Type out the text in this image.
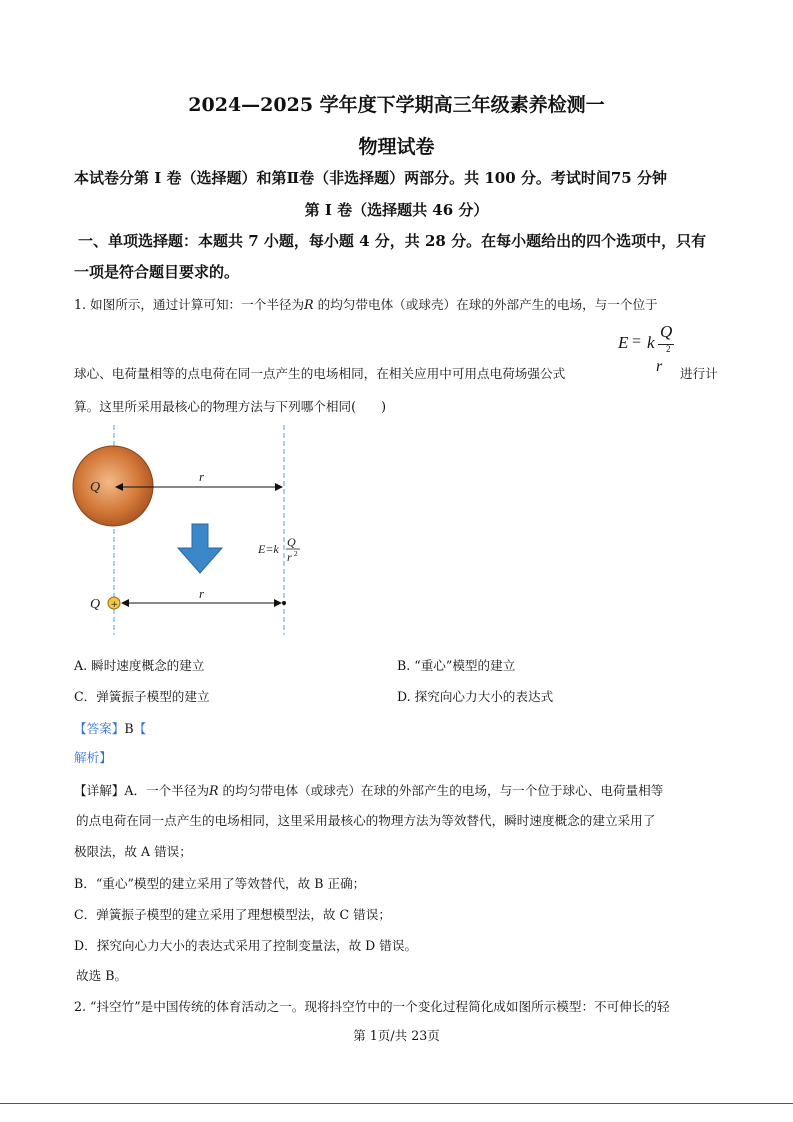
2024—2025 学年度下学期高三年级素养检测一
物理试卷
本试卷分第 I 卷（选择题）和第Ⅱ卷（非选择题）两部分。共 100 分。考试时间75 分钟
第 I 卷（选择题共 46 分）
一、单项选择题：本题共 7 小题，每小题 4 分，共 28 分。在每小题给出的四个选项中，只有
一项是符合题目要求的。
1. 如图所示，通过计算可知：一个半径为𝑅 的均匀带电体（或球壳）在球的外部产生的电场，与一个位于
E = k
Q
2
r
球心、电荷量相等的点电荷在同一点产生的电场相同，在相关应用中可用点电荷场强公式	进行计
算。这里所采用最核心的物理方法与下列哪个相同(　　)
Q
r
E=k Q
r 2
+
Q
r
A. 瞬时速度概念的建立	B. “重心”模型的建立
C．弹簧振子模型的建立	D. 探究向心力大小的表达式
【答案】B【
解析】
【详解】A．一个半径为𝑅 的均匀带电体（或球壳）在球的外部产生的电场，与一个位于球心、电荷量相等
的点电荷在同一点产生的电场相同，这里采用最核心的物理方法为等效替代，瞬时速度概念的建立采用了
极限法，故 A 错误；
B．“重心”模型的建立采用了等效替代，故 B 正确；
C．弹簧振子模型的建立采用了理想模型法，故 C 错误；
D．探究向心力大小的表达式采用了控制变量法，故 D 错误。
故选 B。
2. “抖空竹”是中国传统的体育活动之一。现将抖空竹中的一个变化过程简化成如图所示模型：不可伸长的轻
第 1页/共 23页
